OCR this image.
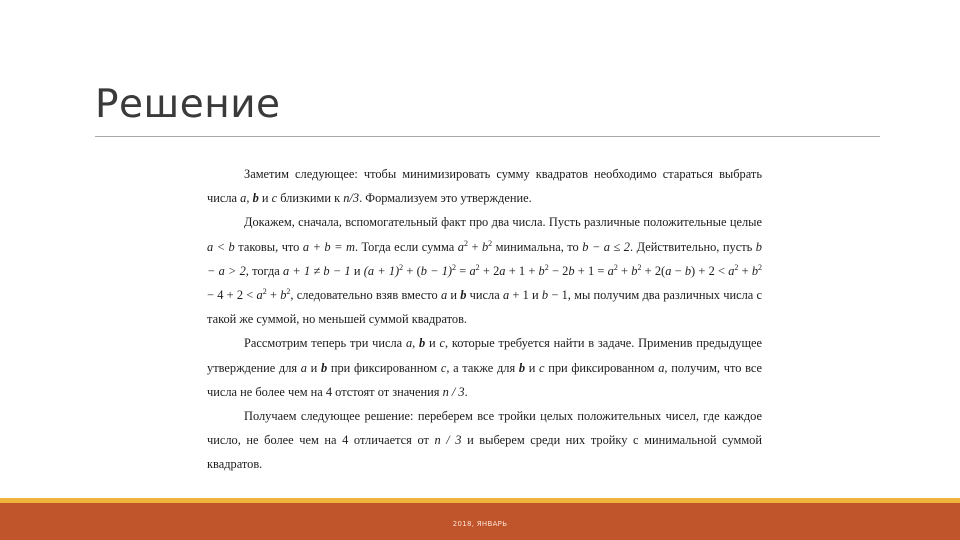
Решение

Заметим следующее: чтобы минимизировать сумму квадратов необходимо стараться выбрать числа a, b и c близкими к n/3. Формализуем это утверждение.

Докажем, сначала, вспомогательный факт про два числа. Пусть различные положительные целые a < b таковы, что a + b = m. Тогда если сумма $a^2 + b^2$ минимальна, то b − a ≤ 2. Действительно, пусть b − a > 2, тогда a + 1 ≠ b − 1 и $(a + 1)^2 + (b - 1)^2 = a^2 + 2a + 1 + b^2 - 2b + 1 = a^2 + b^2 + 2(a - b) + 2 < a^2 + b^2 - 4 + 2 < a^2 + b^2$, следовательно взяв вместо a и b числа a + 1 и b − 1, мы получим два различных числа с такой же суммой, но меньшей суммой квадратов.

Рассмотрим теперь три числа a, b и c, которые требуется найти в задаче. Применив предыдущее утверждение для a и b при фиксированном c, а также для b и c при фиксированном a, получим, что все числа не более чем на 4 отстоят от значения n / 3.

Получаем следующее решение: переберем все тройки целых положительных чисел, где каждое число, не более чем на 4 отличается от n / 3 и выберем среди них тройку с минимальной суммой квадратов.

2018, ЯНВАРЬ
